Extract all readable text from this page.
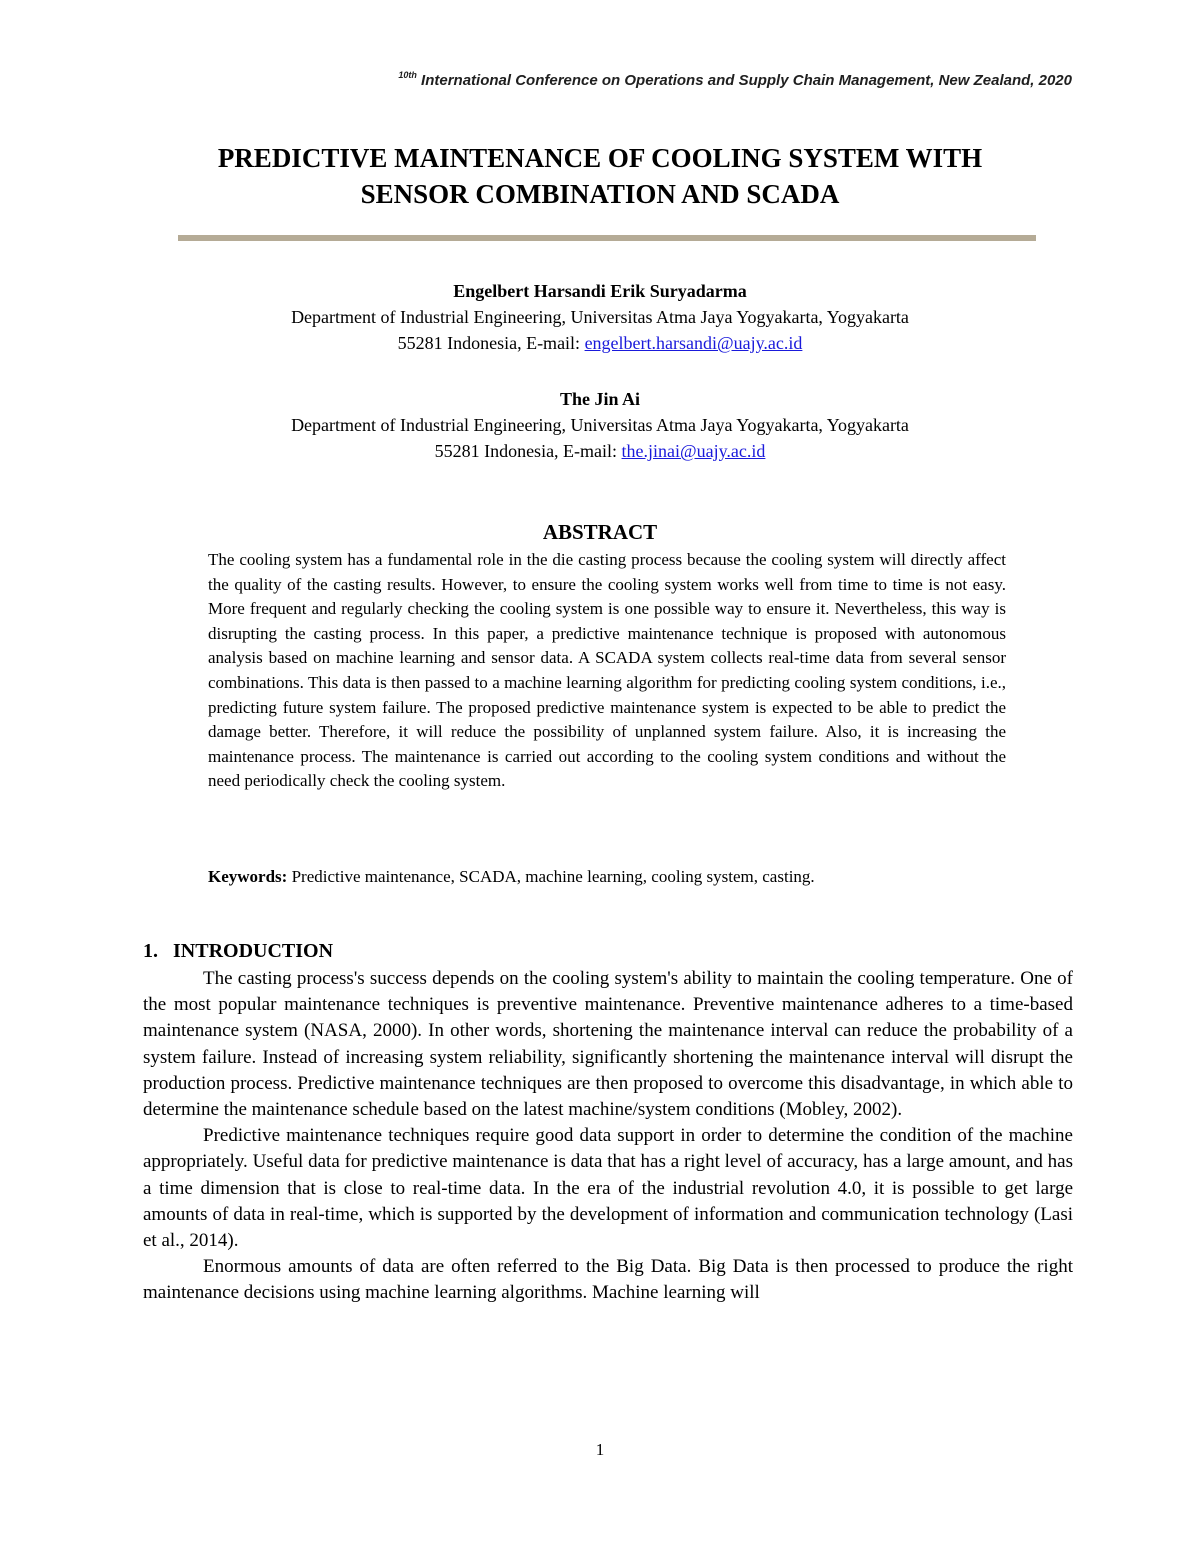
$^{10th}$ International Conference on Operations and Supply Chain Management, New Zealand, 2020
PREDICTIVE MAINTENANCE OF COOLING SYSTEM WITH
SENSOR COMBINATION AND SCADA
Engelbert Harsandi Erik Suryadarma
Department of Industrial Engineering, Universitas Atma Jaya Yogyakarta, Yogyakarta
55281 Indonesia, E-mail: engelbert.harsandi@uajy.ac.id
The Jin Ai
Department of Industrial Engineering, Universitas Atma Jaya Yogyakarta, Yogyakarta
55281 Indonesia, E-mail: the.jinai@uajy.ac.id
ABSTRACT
The cooling system has a fundamental role in the die casting process because the cooling system will directly affect the quality of the casting results. However, to ensure the cooling system works well from time to time is not easy. More frequent and regularly checking the cooling system is one possible way to ensure it. Nevertheless, this way is disrupting the casting process. In this paper, a predictive maintenance technique is proposed with autonomous analysis based on machine learning and sensor data. A SCADA system collects real-time data from several sensor combinations. This data is then passed to a machine learning algorithm for predicting cooling system conditions, i.e., predicting future system failure. The proposed predictive maintenance system is expected to be able to predict the damage better. Therefore, it will reduce the possibility of unplanned system failure. Also, it is increasing the maintenance process. The maintenance is carried out according to the cooling system conditions and without the need periodically check the cooling system.
Keywords: Predictive maintenance, SCADA, machine learning, cooling system, casting.
1. INTRODUCTION

The casting process's success depends on the cooling system's ability to maintain the cooling temperature. One of the most popular maintenance techniques is preventive maintenance. Preventive maintenance adheres to a time-based maintenance system (NASA, 2000). In other words, shortening the maintenance interval can reduce the probability of a system failure. Instead of increasing system reliability, significantly shortening the maintenance interval will disrupt the production process. Predictive maintenance techniques are then proposed to overcome this disadvantage, in which able to determine the maintenance schedule based on the latest machine/system conditions (Mobley, 2002).

Predictive maintenance techniques require good data support in order to determine the condition of the machine appropriately. Useful data for predictive maintenance is data that has a right level of accuracy, has a large amount, and has a time dimension that is close to real-time data. In the era of the industrial revolution 4.0, it is possible to get large amounts of data in real-time, which is supported by the development of information and communication technology (Lasi et al., 2014).

Enormous amounts of data are often referred to the Big Data. Big Data is then processed to produce the right maintenance decisions using machine learning algorithms. Machine learning will

1
